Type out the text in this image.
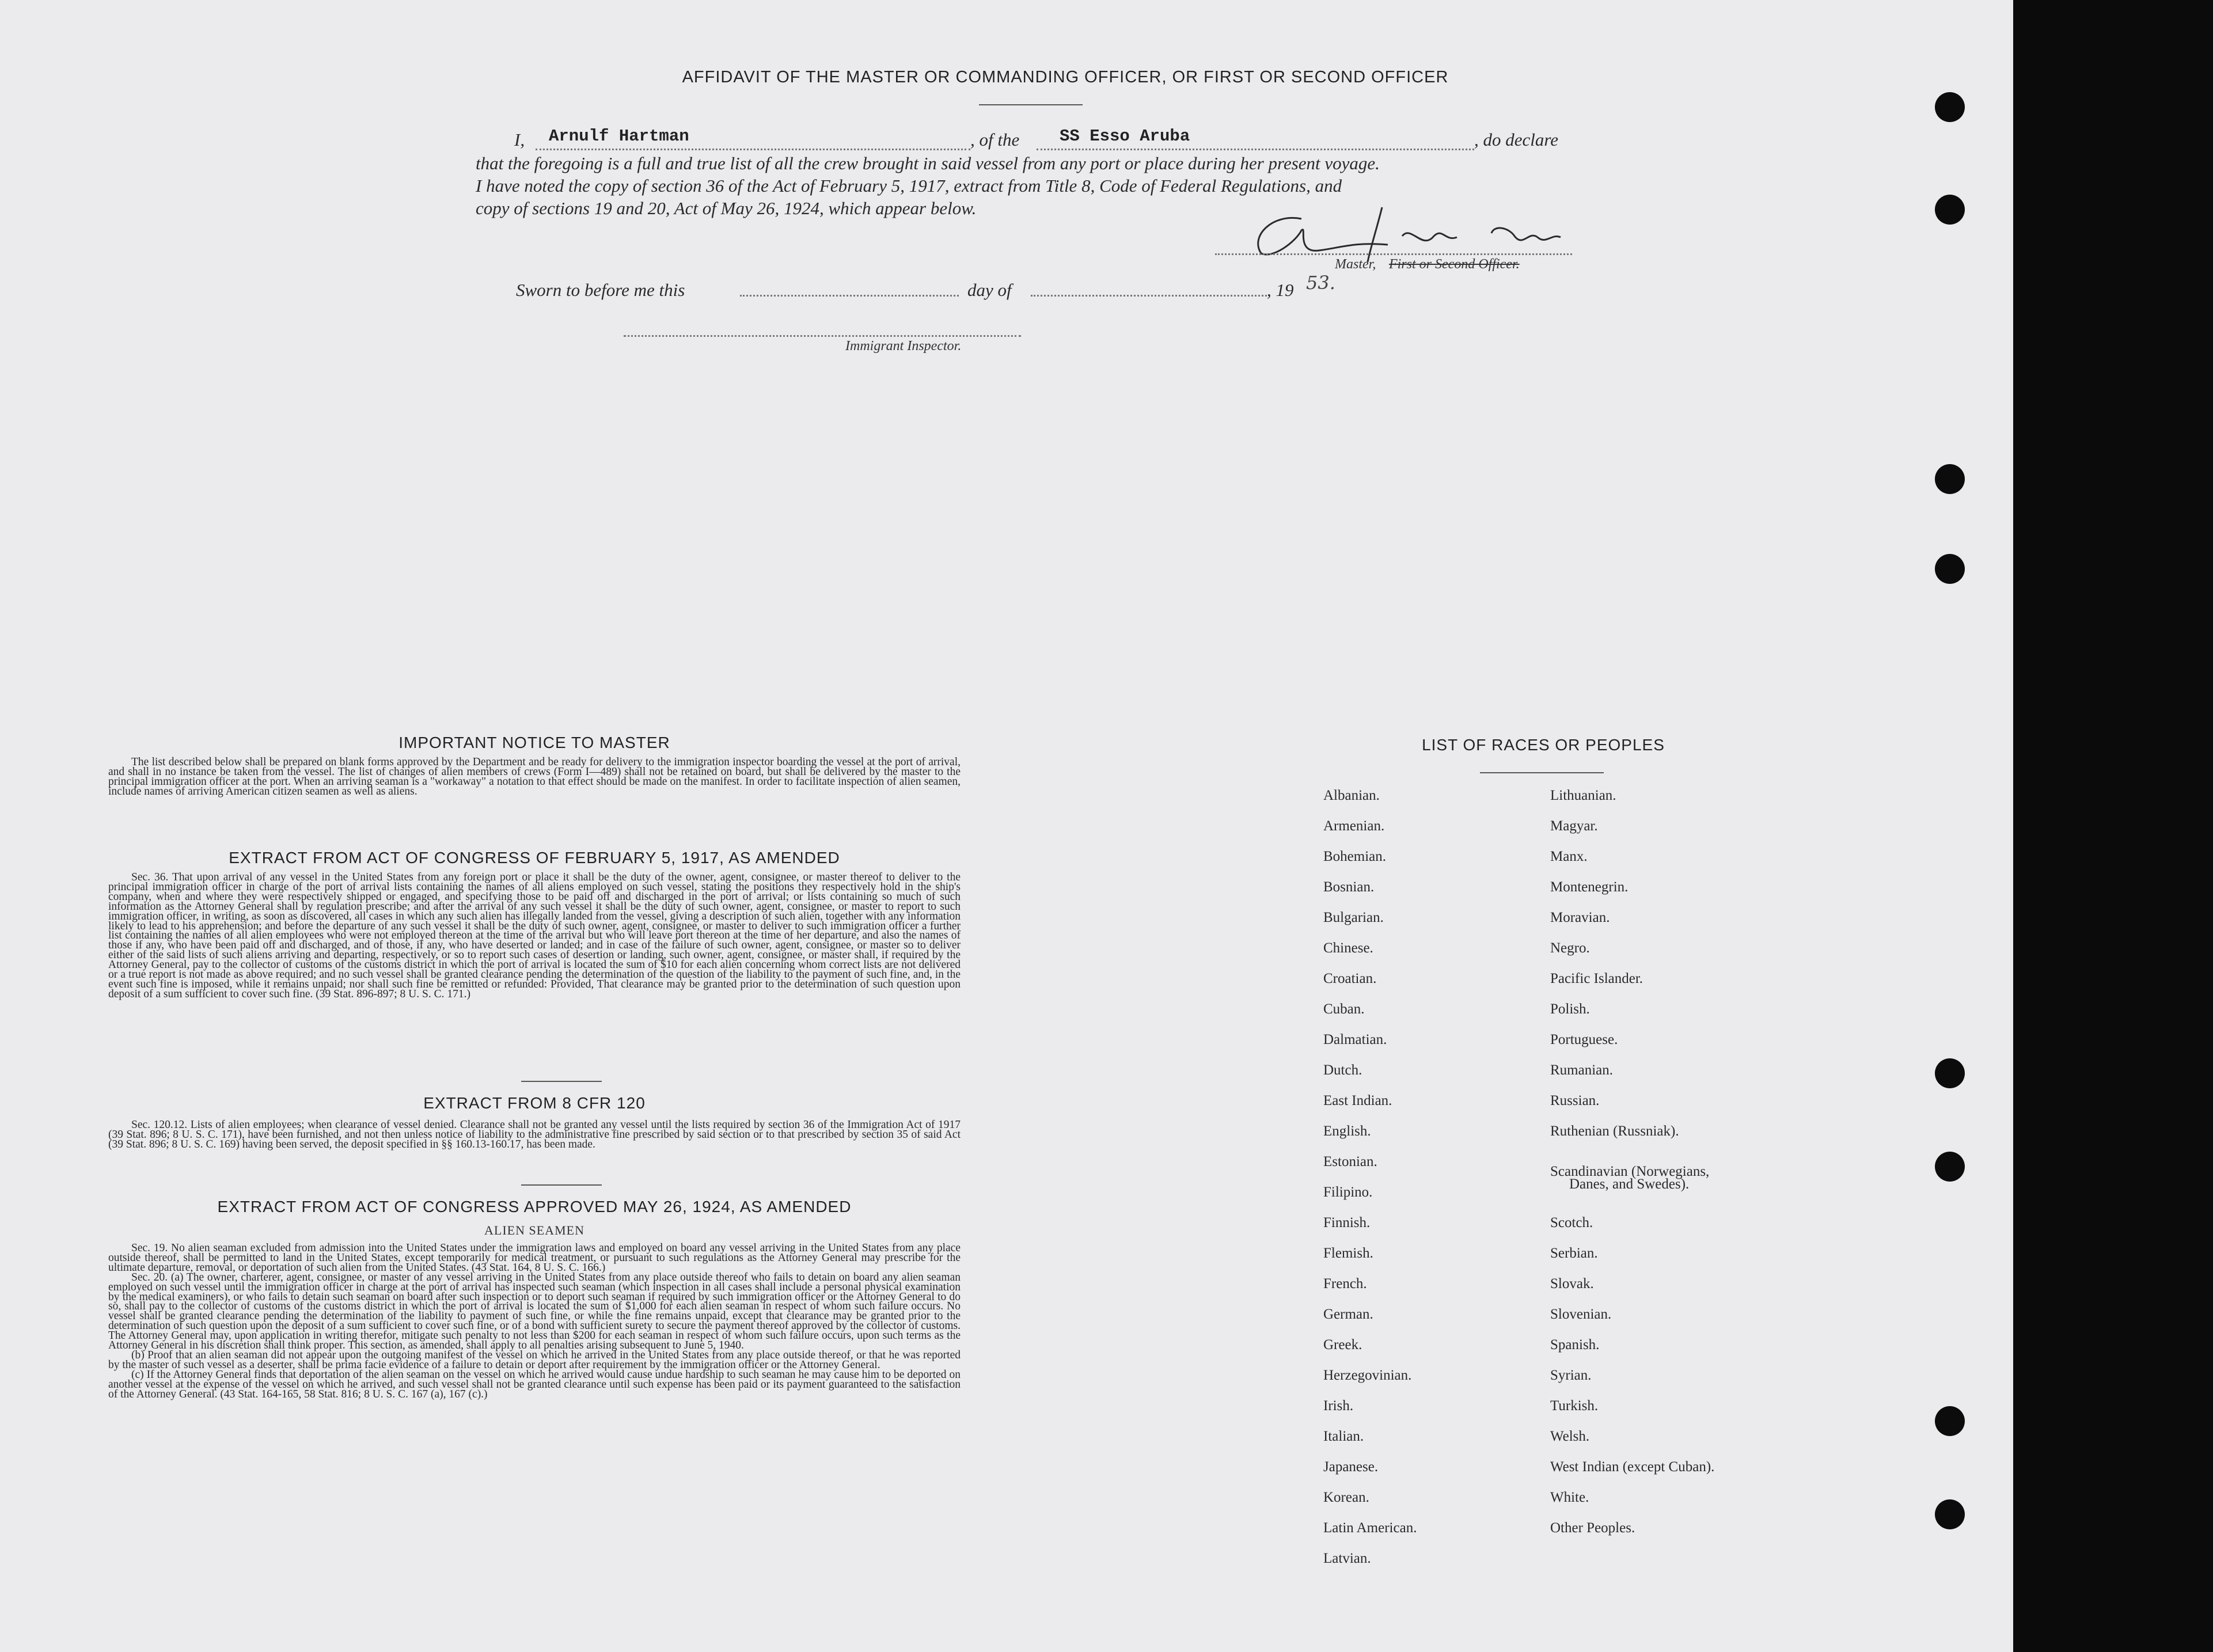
AFFIDAVIT OF THE MASTER OR COMMANDING OFFICER, OR FIRST OR SECOND OFFICER
I, Arnulf Hartman	, of the SS Esso Aruba	, do declare
that the foregoing is a full and true list of all the crew brought in said vessel from any port or place during her present voyage.
I have noted the copy of section 36 of the Act of February 5, 1917, extract from Title 8, Code of Federal Regulations, and
copy of sections 19 and 20, Act of May 26, 1924, which appear below.
Master, First or Second Officer.
Sworn to before me this	day of	, 19 53.
Immigrant Inspector.
IMPORTANT NOTICE TO MASTER

The list described below shall be prepared on blank forms approved by the Department and be ready for delivery to the immigration inspector boarding the vessel at the port of arrival, and shall in no instance be taken from the vessel. The list of changes of alien members of crews (Form I—489) shall not be retained on board, but shall be delivered by the master to the principal immigration officer at the port. When an arriving seaman is a "workaway" a notation to that effect should be made on the manifest. In order to facilitate inspection of alien seamen, include names of arriving American citizen seamen as well as aliens.

EXTRACT FROM ACT OF CONGRESS OF FEBRUARY 5, 1917, AS AMENDED

Sec. 36. That upon arrival of any vessel in the United States from any foreign port or place it shall be the duty of the owner, agent, consignee, or master thereof to deliver to the principal immigration officer in charge of the port of arrival lists containing the names of all aliens employed on such vessel, stating the positions they respectively hold in the ship's company, when and where they were respectively shipped or engaged, and specifying those to be paid off and discharged in the port of arrival; or lists containing so much of such information as the Attorney General shall by regulation prescribe; and after the arrival of any such vessel it shall be the duty of such owner, agent, consignee, or master to report to such immigration officer, in writing, as soon as discovered, all cases in which any such alien has illegally landed from the vessel, giving a description of such alien, together with any information likely to lead to his apprehension; and before the departure of any such vessel it shall be the duty of such owner, agent, consignee, or master to deliver to such immigration officer a further list containing the names of all alien employees who were not employed thereon at the time of the arrival but who will leave port thereon at the time of her departure, and also the names of those if any, who have been paid off and discharged, and of those, if any, who have deserted or landed; and in case of the failure of such owner, agent, consignee, or master so to deliver either of the said lists of such aliens arriving and departing, respectively, or so to report such cases of desertion or landing, such owner, agent, consignee, or master shall, if required by the Attorney General, pay to the collector of customs of the customs district in which the port of arrival is located the sum of $10 for each alien concerning whom correct lists are not delivered or a true report is not made as above required; and no such vessel shall be granted clearance pending the determination of the question of the liability to the payment of such fine, and, in the event such fine is imposed, while it remains unpaid; nor shall such fine be remitted or refunded: Provided, That clearance may be granted prior to the determination of such question upon deposit of a sum sufficient to cover such fine. (39 Stat. 896-897; 8 U. S. C. 171.)

EXTRACT FROM 8 CFR 120

Sec. 120.12. Lists of alien employees; when clearance of vessel denied. Clearance shall not be granted any vessel until the lists required by section 36 of the Immigration Act of 1917 (39 Stat. 896; 8 U. S. C. 171), have been furnished, and not then unless notice of liability to the administrative fine prescribed by said section or to that prescribed by section 35 of said Act (39 Stat. 896; 8 U. S. C. 169) having been served, the deposit specified in §§ 160.13-160.17, has been made.

EXTRACT FROM ACT OF CONGRESS APPROVED MAY 26, 1924, AS AMENDED
ALIEN SEAMEN

Sec. 19. No alien seaman excluded from admission into the United States under the immigration laws and employed on board any vessel arriving in the United States from any place outside thereof, shall be permitted to land in the United States, except temporarily for medical treatment, or pursuant to such regulations as the Attorney General may prescribe for the ultimate departure, removal, or deportation of such alien from the United States. (43 Stat. 164, 8 U. S. C. 166.)

Sec. 20. (a) The owner, charterer, agent, consignee, or master of any vessel arriving in the United States from any place outside thereof who fails to detain on board any alien seaman employed on such vessel until the immigration officer in charge at the port of arrival has inspected such seaman (which inspection in all cases shall include a personal physical examination by the medical examiners), or who fails to detain such seaman on board after such inspection or to deport such seaman if required by such immigration officer or the Attorney General to do so, shall pay to the collector of customs of the customs district in which the port of arrival is located the sum of $1,000 for each alien seaman in respect of whom such failure occurs. No vessel shall be granted clearance pending the determination of the liability to payment of such fine, or while the fine remains unpaid, except that clearance may be granted prior to the determination of such question upon the deposit of a sum sufficient to cover such fine, or of a bond with sufficient surety to secure the payment thereof approved by the collector of customs. The Attorney General may, upon application in writing therefor, mitigate such penalty to not less than $200 for each seaman in respect of whom such failure occurs, upon such terms as the Attorney General in his discretion shall think proper. This section, as amended, shall apply to all penalties arising subsequent to June 5, 1940.

(b) Proof that an alien seaman did not appear upon the outgoing manifest of the vessel on which he arrived in the United States from any place outside thereof, or that he was reported by the master of such vessel as a deserter, shall be prima facie evidence of a failure to detain or deport after requirement by the immigration officer or the Attorney General.

(c) If the Attorney General finds that deportation of the alien seaman on the vessel on which he arrived would cause undue hardship to such seaman he may cause him to be deported on another vessel at the expense of the vessel on which he arrived, and such vessel shall not be granted clearance until such expense has been paid or its payment guaranteed to the satisfaction of the Attorney General. (43 Stat. 164-165, 58 Stat. 816; 8 U. S. C. 167 (a), 167 (c).)

LIST OF RACES OR PEOPLES
Albanian.
Armenian.
Bohemian.
Bosnian.
Bulgarian.
Chinese.
Croatian.
Cuban.
Dalmatian.
Dutch.
East Indian.
English.
Estonian.
Filipino.
Finnish.
Flemish.
French.
German.
Greek.
Herzegovinian.
Irish.
Italian.
Japanese.
Korean.
Latin American.
Latvian.
Lithuanian.
Magyar.
Manx.
Montenegrin.
Moravian.
Negro.
Pacific Islander.
Polish.
Portuguese.
Rumanian.
Russian.
Ruthenian (Russniak).
Scandinavian (Norwegians,
Danes, and Swedes).
Scotch.
Serbian.
Slovak.
Slovenian.
Spanish.
Syrian.
Turkish.
Welsh.
West Indian (except Cuban).
White.
Other Peoples.
